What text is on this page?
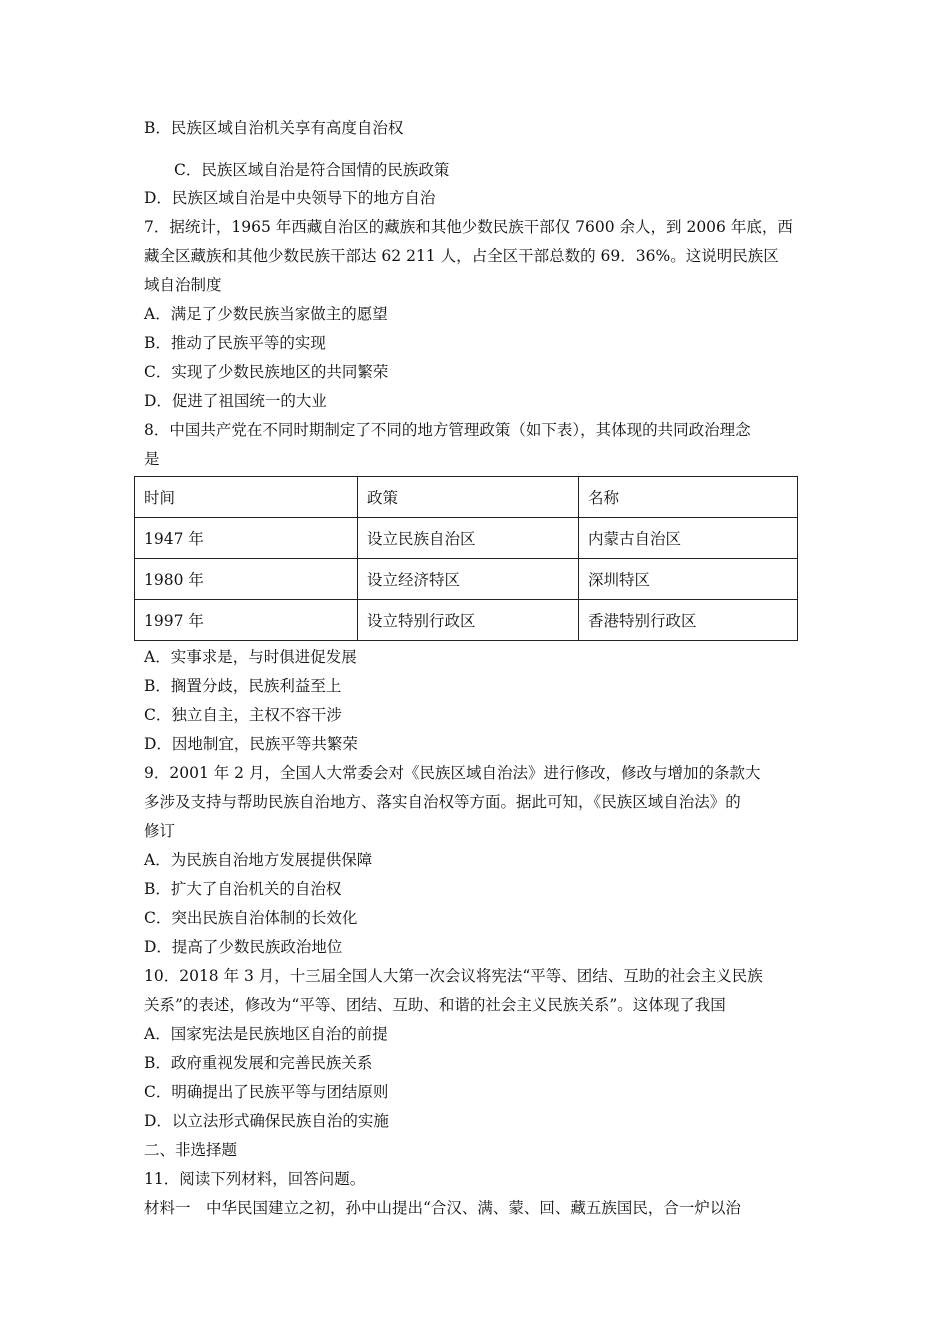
B．民族区域自治机关享有高度自治权
C．民族区域自治是符合国情的民族政策
D．民族区域自治是中央领导下的地方自治
7．据统计，1965 年西藏自治区的藏族和其他少数民族干部仅 7600 余人，到 2006 年底，西
藏全区藏族和其他少数民族干部达 62 211 人，占全区干部总数的 69．36%。这说明民族区
域自治制度
A．满足了少数民族当家做主的愿望
B．推动了民族平等的实现
C．实现了少数民族地区的共同繁荣
D．促进了祖国统一的大业
8．中国共产党在不同时期制定了不同的地方管理政策（如下表），其体现的共同政治理念
是
时间	政策	名称
1947 年	设立民族自治区	内蒙古自治区
1980 年	设立经济特区	深圳特区
1997 年	设立特别行政区	香港特别行政区
A．实事求是，与时俱进促发展
B．搁置分歧，民族利益至上
C．独立自主，主权不容干涉
D．因地制宜，民族平等共繁荣
9．2001 年 2 月，全国人大常委会对《民族区域自治法》进行修改，修改与增加的条款大
多涉及支持与帮助民族自治地方、落实自治权等方面。据此可知，《民族区域自治法》的
修订
A．为民族自治地方发展提供保障
B．扩大了自治机关的自治权
C．突出民族自治体制的长效化
D．提高了少数民族政治地位
10．2018 年 3 月，十三届全国人大第一次会议将宪法“平等、团结、互助的社会主义民族
关系”的表述，修改为“平等、团结、互助、和谐的社会主义民族关系”。这体现了我国
A．国家宪法是民族地区自治的前提
B．政府重视发展和完善民族关系
C．明确提出了民族平等与团结原则
D．以立法形式确保民族自治的实施
二、非选择题
11．阅读下列材料，回答问题。
材料一　中华民国建立之初，孙中山提出“合汉、满、蒙、回、藏五族国民，合一炉以治
